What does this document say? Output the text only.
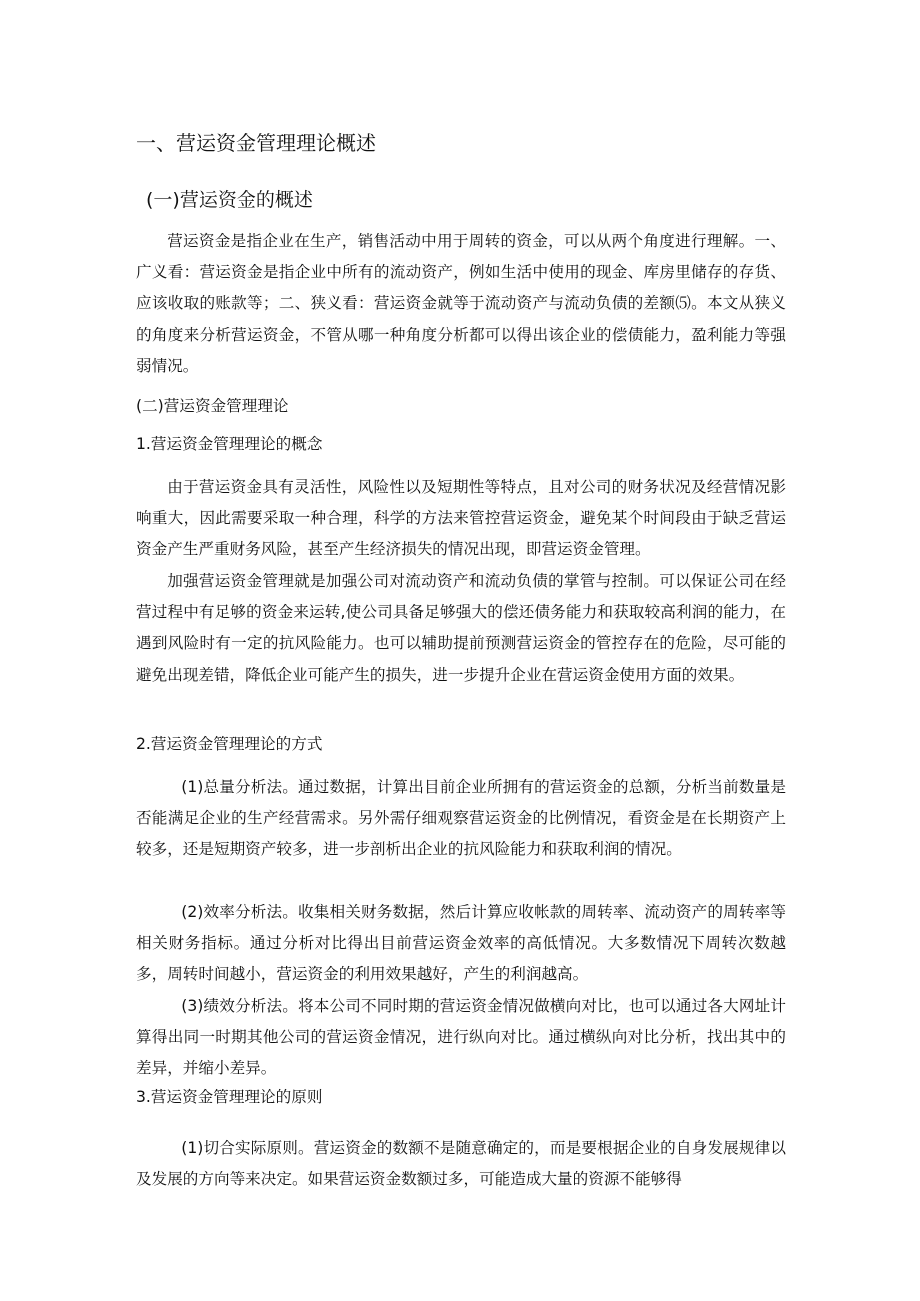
一、营运资金管理理论概述
(一)营运资金的概述

营运资金是指企业在生产，销售活动中用于周转的资金，可以从两个角度进行理解。一、广义看：营运资金是指企业中所有的流动资产，例如生活中使用的现金、库房里储存的存货、应该收取的账款等；二、狭义看：营运资金就等于流动资产与流动负债的差额⑸。本文从狭义的角度来分析营运资金，不管从哪一种角度分析都可以得出该企业的偿债能力，盈利能力等强弱情况。

(二)营运资金管理理论
1.营运资金管理理论的概念

由于营运资金具有灵活性，风险性以及短期性等特点，且对公司的财务状况及经营情况影响重大，因此需要采取一种合理，科学的方法来管控营运资金，避免某个时间段由于缺乏营运资金产生严重财务风险，甚至产生经济损失的情况出现，即营运资金管理。

加强营运资金管理就是加强公司对流动资产和流动负债的掌管与控制。可以保证公司在经营过程中有足够的资金来运转,使公司具备足够强大的偿还债务能力和获取较高利润的能力，在遇到风险时有一定的抗风险能力。也可以辅助提前预测营运资金的管控存在的危险，尽可能的避免出现差错，降低企业可能产生的损失，进一步提升企业在营运资金使用方面的效果。

2.营运资金管理理论的方式

(1)总量分析法。通过数据，计算出目前企业所拥有的营运资金的总额，分析当前数量是否能满足企业的生产经营需求。另外需仔细观察营运资金的比例情况，看资金是在长期资产上较多，还是短期资产较多，进一步剖析出企业的抗风险能力和获取利润的情况。

(2)效率分析法。收集相关财务数据，然后计算应收帐款的周转率、流动资产的周转率等相关财务指标。通过分析对比得出目前营运资金效率的高低情况。大多数情况下周转次数越多，周转时间越小，营运资金的利用效果越好，产生的利润越高。

(3)绩效分析法。将本公司不同时期的营运资金情况做横向对比，也可以通过各大网址计算得出同一时期其他公司的营运资金情况，进行纵向对比。通过横纵向对比分析，找出其中的差异，并缩小差异。

3.营运资金管理理论的原则

(1)切合实际原则。营运资金的数额不是随意确定的，而是要根据企业的自身发展规律以及发展的方向等来决定。如果营运资金数额过多，可能造成大量的资源不能够得
